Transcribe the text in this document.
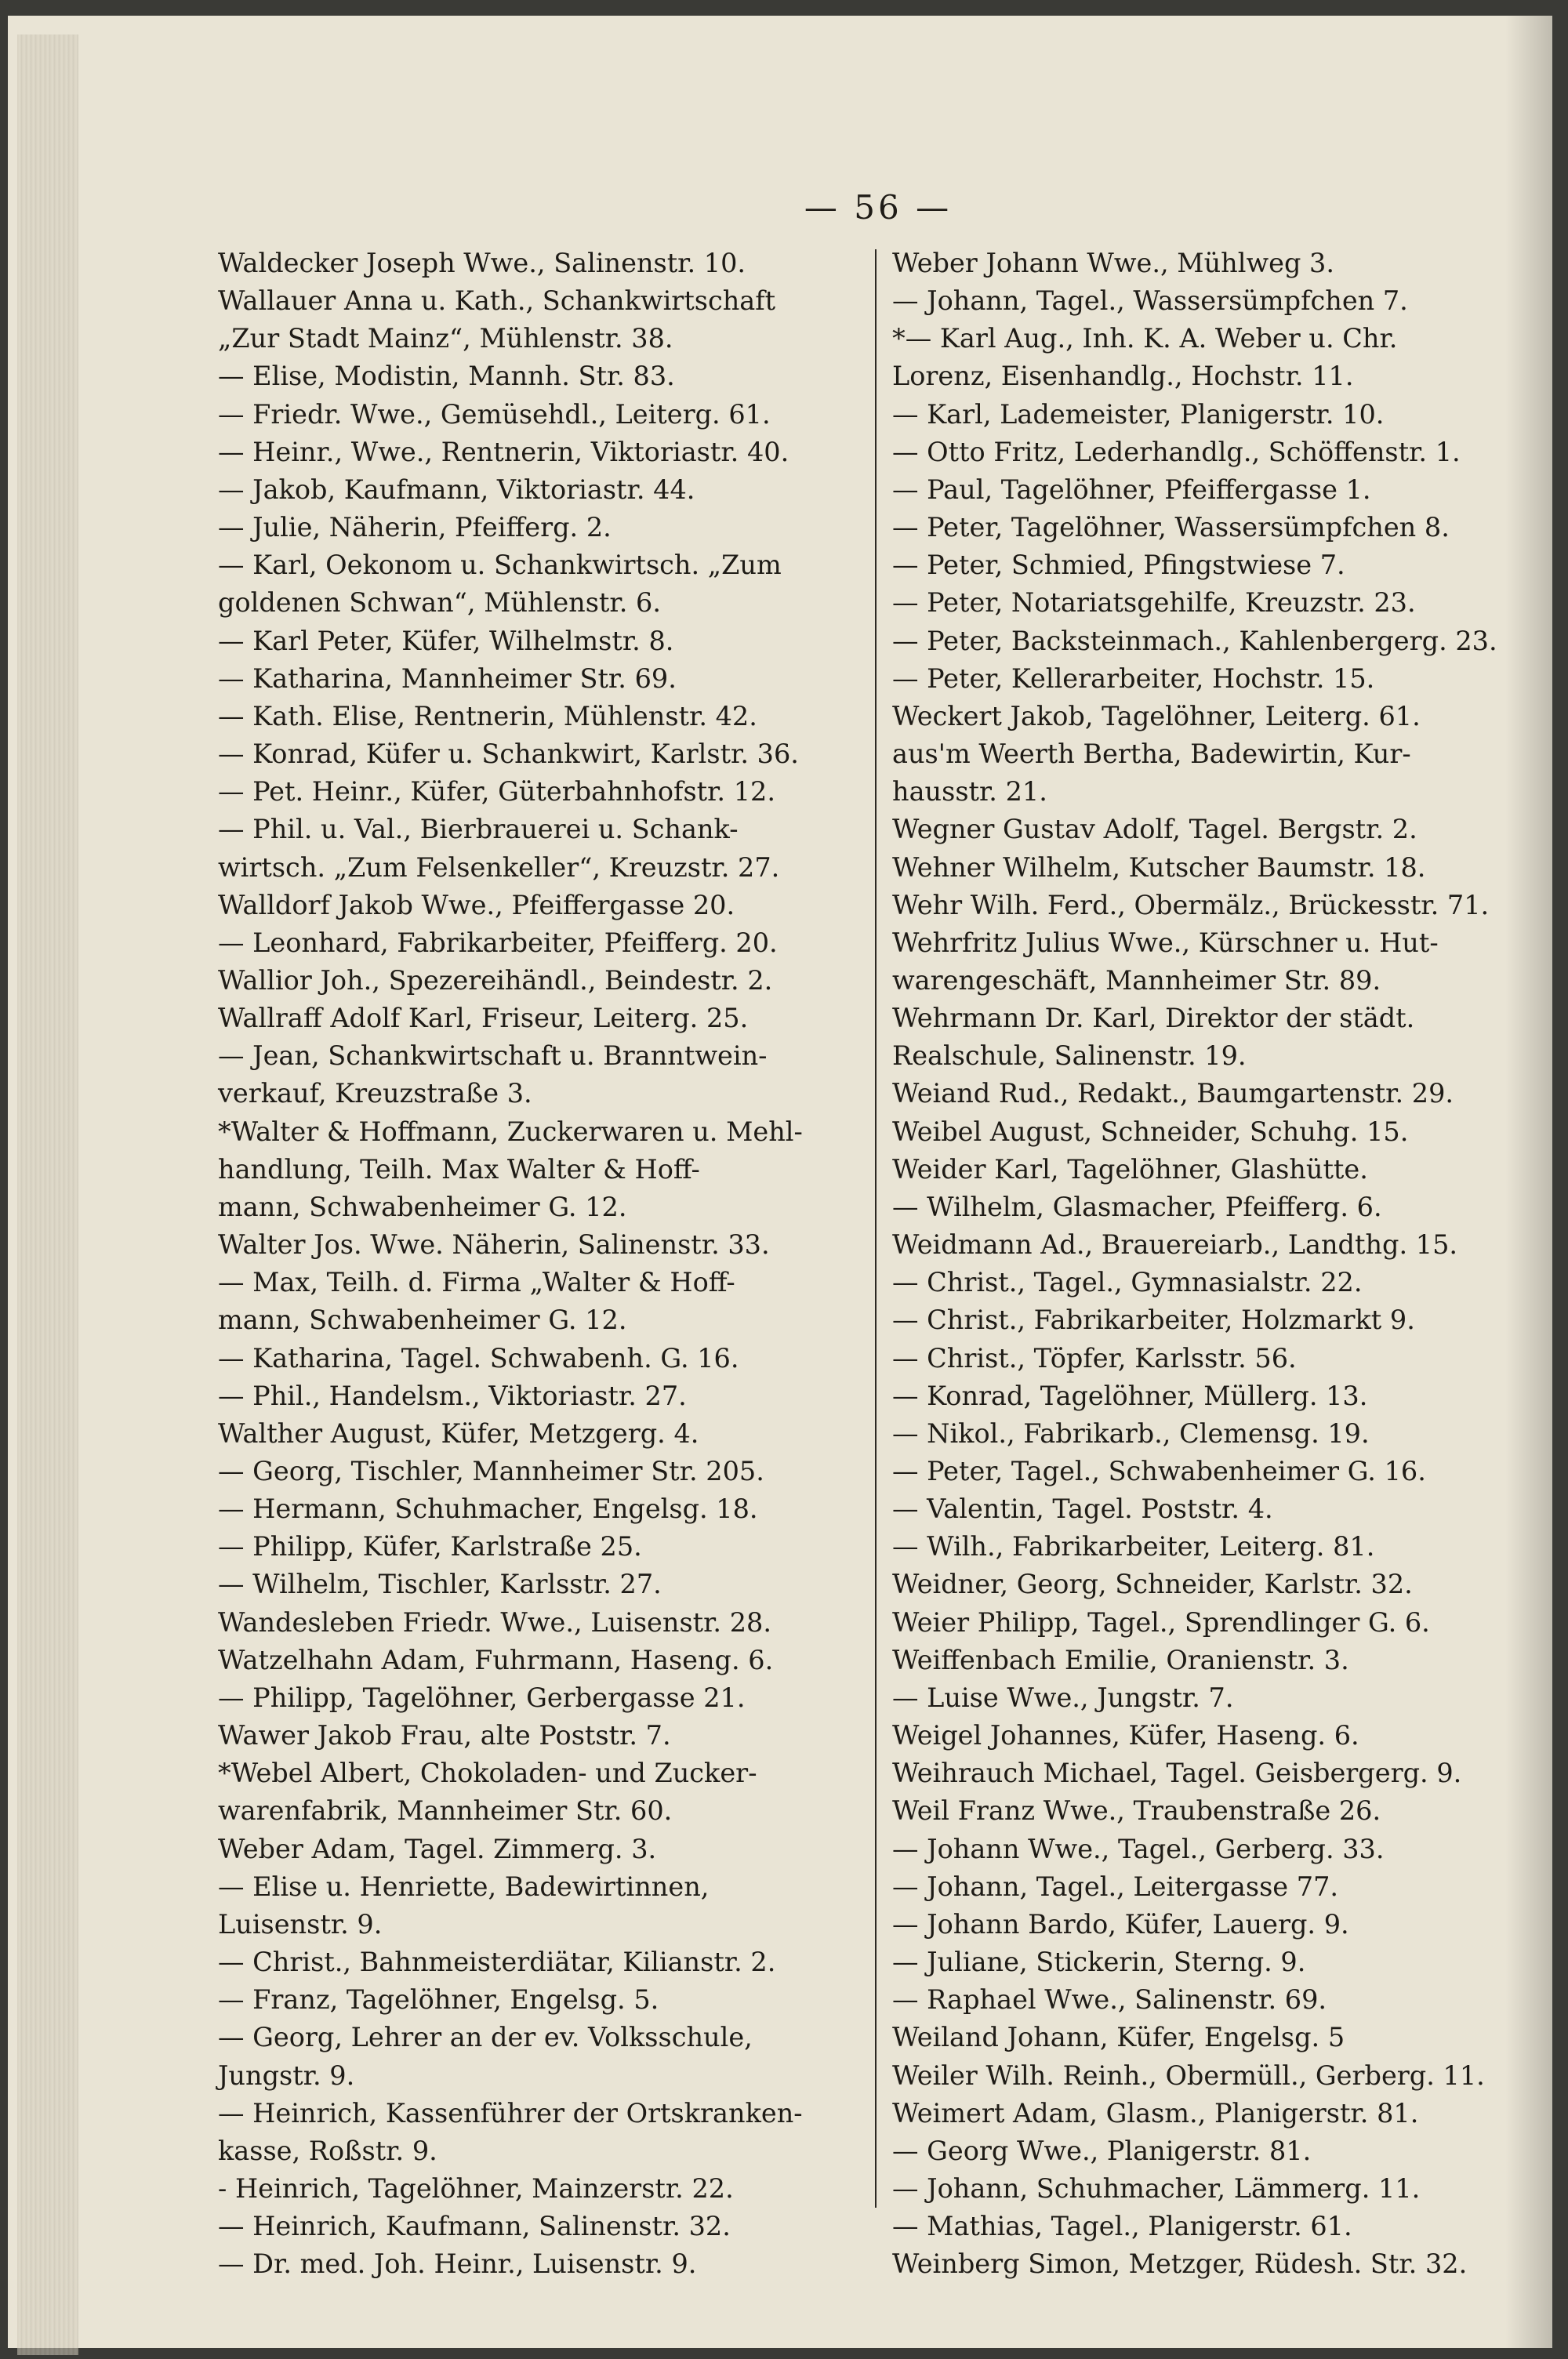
— 56 —
Waldecker Joseph Wwe., Salinenstr. 10.
Wallauer Anna u. Kath., Schankwirtschaft
„Zur Stadt Mainz“, Mühlenstr. 38.
— Elise, Modistin, Mannh. Str. 83.
— Friedr. Wwe., Gemüsehdl., Leiterg. 61.
— Heinr., Wwe., Rentnerin, Viktoriastr. 40.
— Jakob, Kaufmann, Viktoriastr. 44.
— Julie, Näherin, Pfeifferg. 2.
— Karl, Oekonom u. Schankwirtsch. „Zum
goldenen Schwan“, Mühlenstr. 6.
— Karl Peter, Küfer, Wilhelmstr. 8.
— Katharina, Mannheimer Str. 69.
— Kath. Elise, Rentnerin, Mühlenstr. 42.
— Konrad, Küfer u. Schankwirt, Karlstr. 36.
— Pet. Heinr., Küfer, Güterbahnhofstr. 12.
— Phil. u. Val., Bierbrauerei u. Schank-
wirtsch. „Zum Felsenkeller“, Kreuzstr. 27.
Walldorf Jakob Wwe., Pfeiffergasse 20.
— Leonhard, Fabrikarbeiter, Pfeifferg. 20.
Wallior Joh., Spezereihändl., Beindestr. 2.
Wallraff Adolf Karl, Friseur, Leiterg. 25.
— Jean, Schankwirtschaft u. Branntwein-
verkauf, Kreuzstraße 3.
*Walter & Hoffmann, Zuckerwaren u. Mehl-
handlung, Teilh. Max Walter & Hoff-
mann, Schwabenheimer G. 12.
Walter Jos. Wwe. Näherin, Salinenstr. 33.
— Max, Teilh. d. Firma „Walter & Hoff-
mann, Schwabenheimer G. 12.
— Katharina, Tagel. Schwabenh. G. 16.
— Phil., Handelsm., Viktoriastr. 27.
Walther August, Küfer, Metzgerg. 4.
— Georg, Tischler, Mannheimer Str. 205.
— Hermann, Schuhmacher, Engelsg. 18.
— Philipp, Küfer, Karlstraße 25.
— Wilhelm, Tischler, Karlsstr. 27.
Wandesleben Friedr. Wwe., Luisenstr. 28.
Watzelhahn Adam, Fuhrmann, Haseng. 6.
— Philipp, Tagelöhner, Gerbergasse 21.
Wawer Jakob Frau, alte Poststr. 7.
*Webel Albert, Chokoladen- und Zucker-
warenfabrik, Mannheimer Str. 60.
Weber Adam, Tagel. Zimmerg. 3.
— Elise u. Henriette, Badewirtinnen,
Luisenstr. 9.
— Christ., Bahnmeisterdiätar, Kilianstr. 2.
— Franz, Tagelöhner, Engelsg. 5.
— Georg, Lehrer an der ev. Volksschule,
Jungstr. 9.
— Heinrich, Kassenführer der Ortskranken-
kasse, Roßstr. 9.
- Heinrich, Tagelöhner, Mainzerstr. 22.
— Heinrich, Kaufmann, Salinenstr. 32.
— Dr. med. Joh. Heinr., Luisenstr. 9.
Weber Johann Wwe., Mühlweg 3.
— Johann, Tagel., Wassersümpfchen 7.
*— Karl Aug., Inh. K. A. Weber u. Chr.
Lorenz, Eisenhandlg., Hochstr. 11.
— Karl, Lademeister, Planigerstr. 10.
— Otto Fritz, Lederhandlg., Schöffenstr. 1.
— Paul, Tagelöhner, Pfeiffergasse 1.
— Peter, Tagelöhner, Wassersümpfchen 8.
— Peter, Schmied, Pfingstwiese 7.
— Peter, Notariatsgehilfe, Kreuzstr. 23.
— Peter, Backsteinmach., Kahlenbergerg. 23.
— Peter, Kellerarbeiter, Hochstr. 15.
Weckert Jakob, Tagelöhner, Leiterg. 61.
aus'm Weerth Bertha, Badewirtin, Kur-
hausstr. 21.
Wegner Gustav Adolf, Tagel. Bergstr. 2.
Wehner Wilhelm, Kutscher Baumstr. 18.
Wehr Wilh. Ferd., Obermälz., Brückesstr. 71.
Wehrfritz Julius Wwe., Kürschner u. Hut-
warengeschäft, Mannheimer Str. 89.
Wehrmann Dr. Karl, Direktor der städt.
Realschule, Salinenstr. 19.
Weiand Rud., Redakt., Baumgartenstr. 29.
Weibel August, Schneider, Schuhg. 15.
Weider Karl, Tagelöhner, Glashütte.
— Wilhelm, Glasmacher, Pfeifferg. 6.
Weidmann Ad., Brauereiarb., Landthg. 15.
— Christ., Tagel., Gymnasialstr. 22.
— Christ., Fabrikarbeiter, Holzmarkt 9.
— Christ., Töpfer, Karlsstr. 56.
— Konrad, Tagelöhner, Müllerg. 13.
— Nikol., Fabrikarb., Clemensg. 19.
— Peter, Tagel., Schwabenheimer G. 16.
— Valentin, Tagel. Poststr. 4.
— Wilh., Fabrikarbeiter, Leiterg. 81.
Weidner, Georg, Schneider, Karlstr. 32.
Weier Philipp, Tagel., Sprendlinger G. 6.
Weiffenbach Emilie, Oranienstr. 3.
— Luise Wwe., Jungstr. 7.
Weigel Johannes, Küfer, Haseng. 6.
Weihrauch Michael, Tagel. Geisbergerg. 9.
Weil Franz Wwe., Traubenstraße 26.
— Johann Wwe., Tagel., Gerberg. 33.
— Johann, Tagel., Leitergasse 77.
— Johann Bardo, Küfer, Lauerg. 9.
— Juliane, Stickerin, Sterng. 9.
— Raphael Wwe., Salinenstr. 69.
Weiland Johann, Küfer, Engelsg. 5
Weiler Wilh. Reinh., Obermüll., Gerberg. 11.
Weimert Adam, Glasm., Planigerstr. 81.
— Georg Wwe., Planigerstr. 81.
— Johann, Schuhmacher, Lämmerg. 11.
— Mathias, Tagel., Planigerstr. 61.
Weinberg Simon, Metzger, Rüdesh. Str. 32.
